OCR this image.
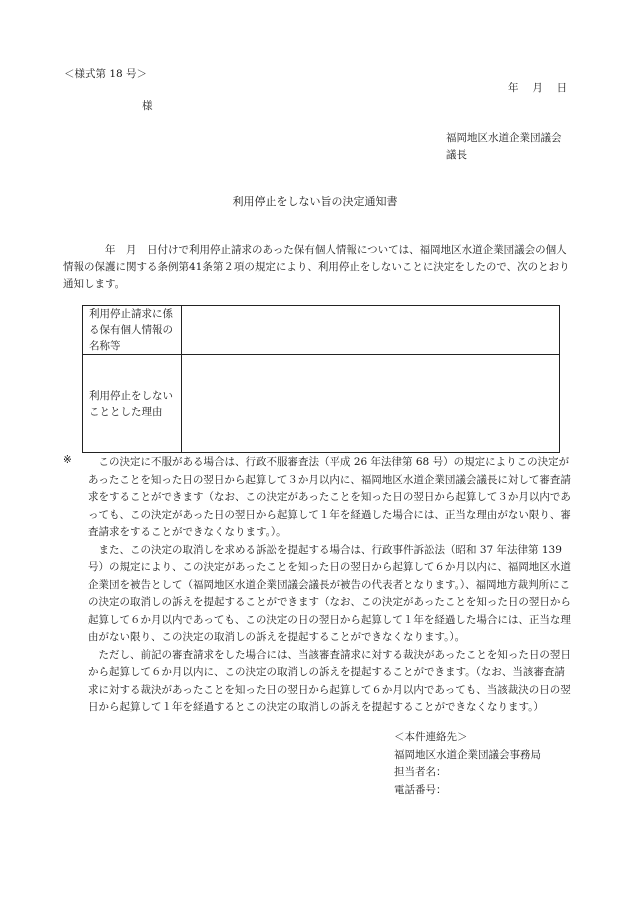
＜様式第 18 号＞
年　 月　 日
様
福岡地区水道企業団議会
議長
利用停止をしない旨の決定通知書

年　月　日付けで利用停止請求のあった保有個人情報については、福岡地区水道企業団議会の個人情報の保護に関する条例第41条第２項の規定により、利用停止をしないことに決定をしたので、次のとおり通知します。

利用停止請求に係
る保有個人情報の
名称等	

利用停止をしない
こととした理由	

※	この決定に不服がある場合は、行政不服審査法（平成 26 年法律第 68 号）の規定によりこの決定があったことを知った日の翌日から起算して３か月以内に、福岡地区水道企業団議会議長に対して審査請求をすることができます（なお、この決定があったことを知った日の翌日から起算して３か月以内であっても、この決定があった日の翌日から起算して１年を経過した場合には、正当な理由がない限り、審査請求をすることができなくなります。）。

また、この決定の取消しを求める訴訟を提起する場合は、行政事件訴訟法（昭和 37 年法律第 139 号）の規定により、この決定があったことを知った日の翌日から起算して６か月以内に、福岡地区水道企業団を被告として（福岡地区水道企業団議会議長が被告の代表者となります。）、福岡地方裁判所にこの決定の取消しの訴えを提起することができます（なお、この決定があったことを知った日の翌日から起算して６か月以内であっても、この決定の日の翌日から起算して１年を経過した場合には、正当な理由がない限り、この決定の取消しの訴えを提起することができなくなります。）。

ただし、前記の審査請求をした場合には、当該審査請求に対する裁決があったことを知った日の翌日から起算して６か月以内に、この決定の取消しの訴えを提起することができます。（なお、当該審査請求に対する裁決があったことを知った日の翌日から起算して６か月以内であっても、当該裁決の日の翌日から起算して１年を経過するとこの決定の取消しの訴えを提起することができなくなります。）

＜本件連絡先＞
福岡地区水道企業団議会事務局
担当者名：
電話番号：
